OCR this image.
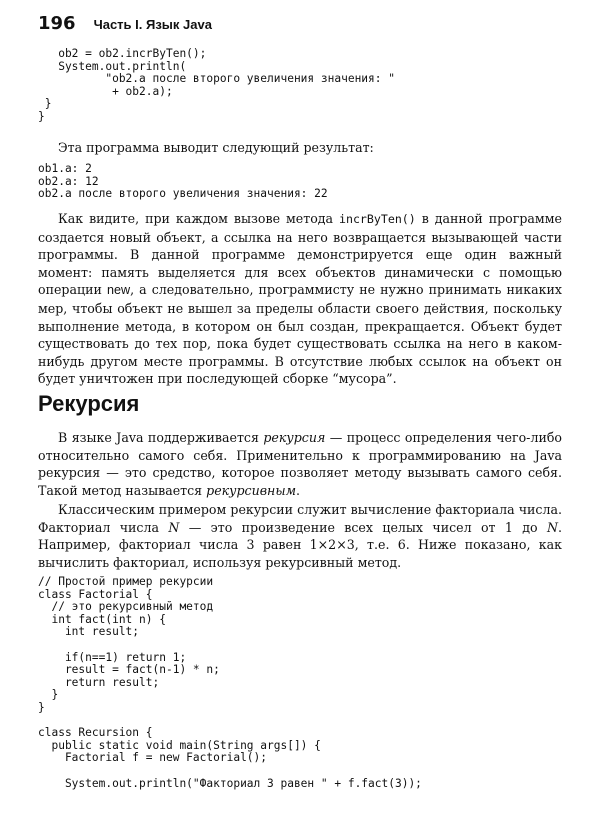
196 Часть I. Язык Java
ob2 = ob2.incrByTen();
System.out.println(
"ob2.a после второго увеличения значения: "
+ ob2.a);
}
}

Эта программа выводит следующий результат:

ob1.a: 2
ob2.a: 12
ob2.a после второго увеличения значения: 22

Как видите, при каждом вызове метода incrByTen() в данной программе создается новый объект, а ссылка на него возвращается вызывающей части программы. В данной программе демонстрируется еще один важный момент: память выделяется для всех объектов динамически с помощью операции new, а следовательно, программисту не нужно принимать никаких мер, чтобы объект не вышел за пределы области своего действия, поскольку выполнение метода, в котором он был создан, прекращается. Объект будет существовать до тех пор, пока будет существовать ссылка на него в каком-нибудь другом месте программы. В отсутствие любых ссылок на объект он будет уничтожен при последующей сборке “мусора”.

Рекурсия

В языке Java поддерживается рекурсия — процесс определения чего-либо относительно самого себя. Применительно к программированию на Java рекурсия — это средство, которое позволяет методу вызывать самого себя. Такой метод называется рекурсивным.

Классическим примером рекурсии служит вычисление факториала числа. Факториал числа N — это произведение всех целых чисел от 1 до N. Например, факториал числа 3 равен 1×2×3, т.е. 6. Ниже показано, как вычислить факториал, используя рекурсивный метод.

// Простой пример рекурсии
class Factorial {
// это рекурсивный метод
int fact(int n) {
int result;

if(n==1) return 1;
result = fact(n-1) * n;
return result;
}
}

class Recursion {
public static void main(String args[]) {
Factorial f = new Factorial();

System.out.println("Факториал 3 равен " + f.fact(3));
